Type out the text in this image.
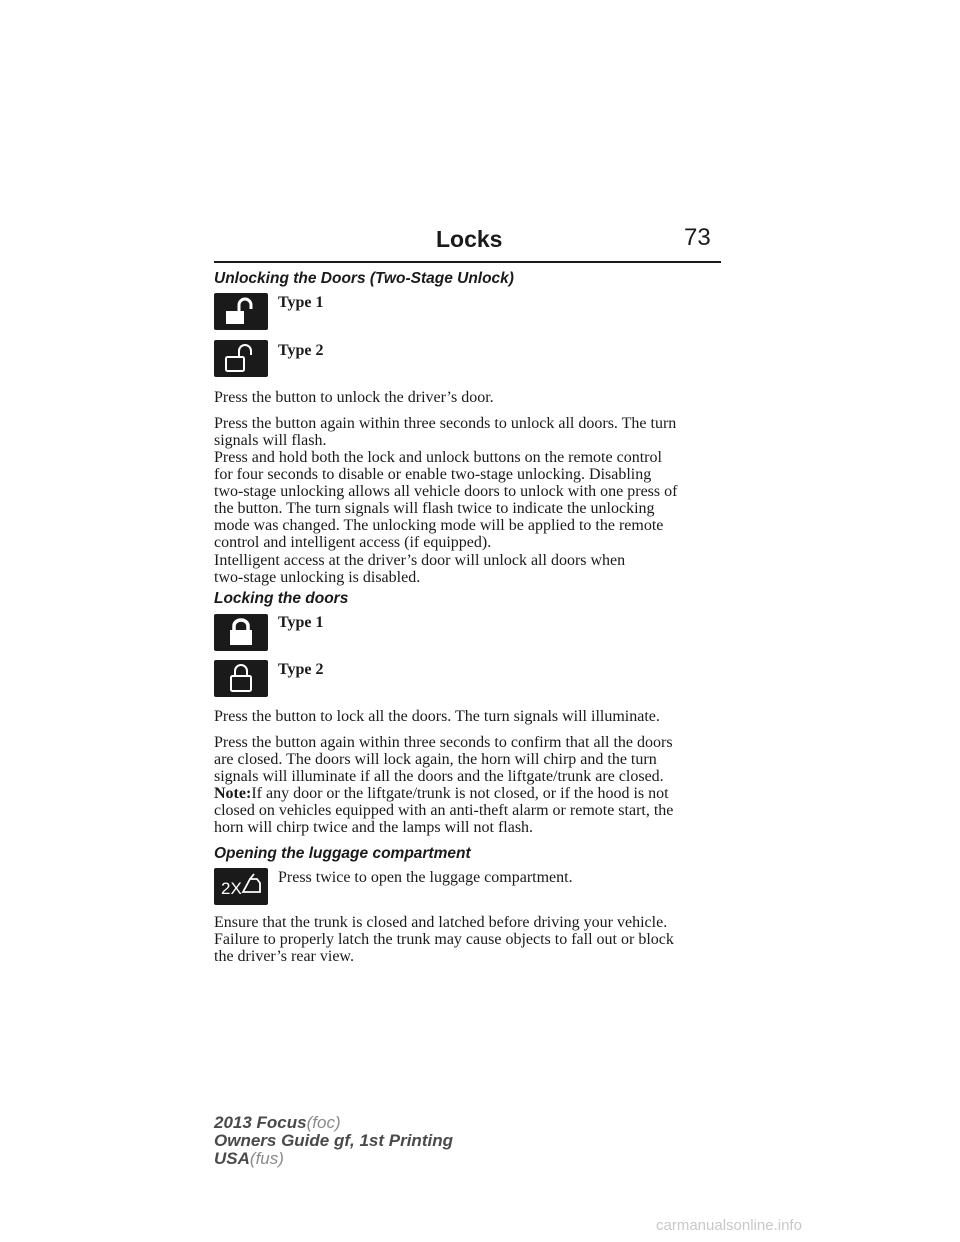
Locks	73
Unlocking the Doors (Two-Stage Unlock)
Type 1
Type 2
Press the button to unlock the driver’s door.
Press the button again within three seconds to unlock all doors. The turn
signals will flash.
Press and hold both the lock and unlock buttons on the remote control
for four seconds to disable or enable two-stage unlocking. Disabling
two-stage unlocking allows all vehicle doors to unlock with one press of
the button. The turn signals will flash twice to indicate the unlocking
mode was changed. The unlocking mode will be applied to the remote
control and intelligent access (if equipped).
Intelligent access at the driver’s door will unlock all doors when
two-stage unlocking is disabled.
Locking the doors
Type 1
Type 2
Press the button to lock all the doors. The turn signals will illuminate.
Press the button again within three seconds to confirm that all the doors
are closed. The doors will lock again, the horn will chirp and the turn
signals will illuminate if all the doors and the liftgate/trunk are closed.
Note:If any door or the liftgate/trunk is not closed, or if the hood is not
closed on vehicles equipped with an anti-theft alarm or remote start, the
horn will chirp twice and the lamps will not flash.
Opening the luggage compartment
2X
Press twice to open the luggage compartment.
Ensure that the trunk is closed and latched before driving your vehicle.
Failure to properly latch the trunk may cause objects to fall out or block
the driver’s rear view.
2013 Focus(foc)
Owners Guide gf, 1st Printing
USA(fus)
carmanualsonline.info
